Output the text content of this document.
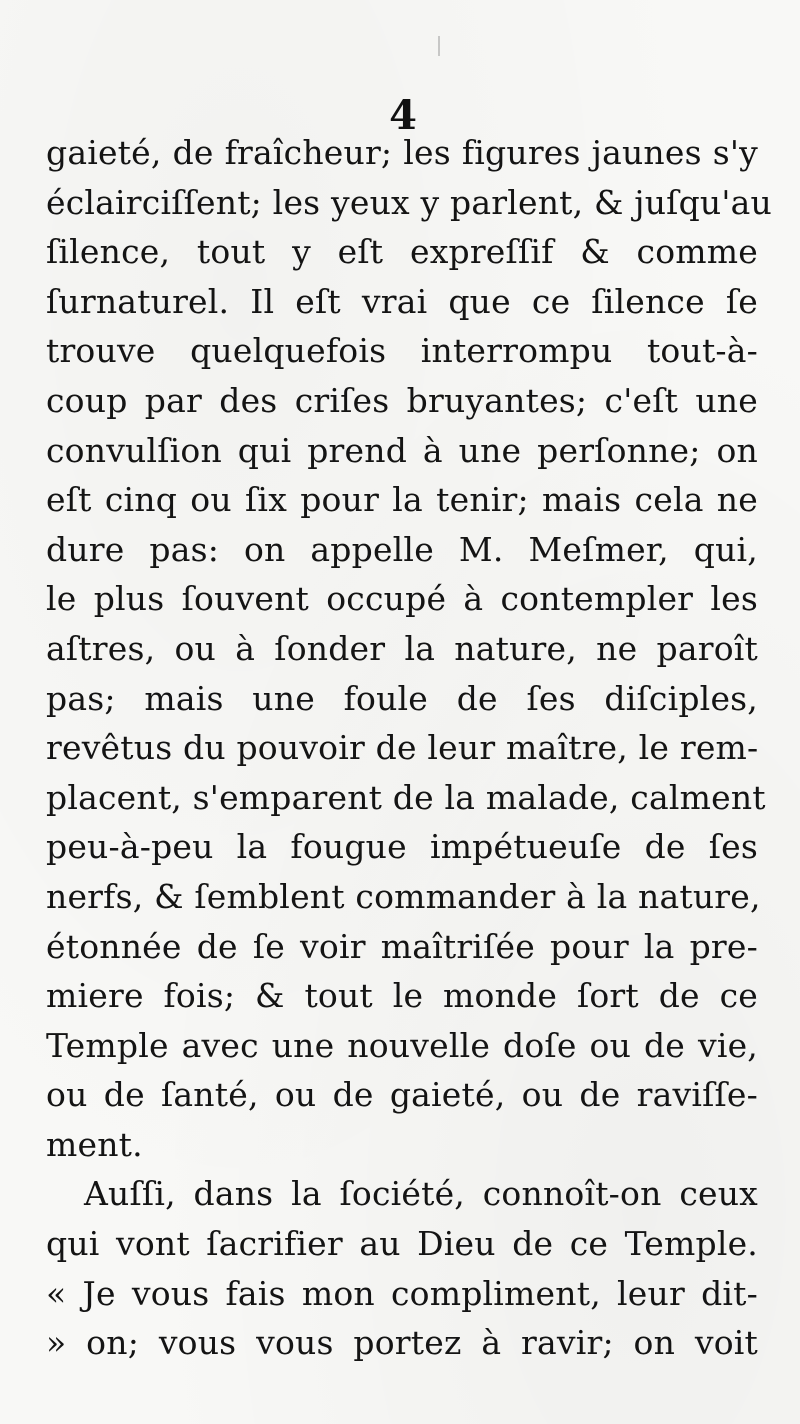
4
gaieté, de fraîcheur; les figures jaunes s'y
éclairciſſent; les yeux y parlent, & juſqu'au
ſilence, tout y eſt expreſſif & comme
ſurnaturel. Il eſt vrai que ce ſilence ſe
trouve quelquefois interrompu tout-à-
coup par des criſes bruyantes; c'eſt une
convulſion qui prend à une perſonne; on
eſt cinq ou ſix pour la tenir; mais cela ne
dure pas: on appelle M. Meſmer, qui,
le plus ſouvent occupé à contempler les
aſtres, ou à ſonder la nature, ne paroît
pas; mais une foule de ſes diſciples,
revêtus du pouvoir de leur maître, le rem-
placent, s'emparent de la malade, calment
peu-à-peu la fougue impétueuſe de ſes
nerfs, & ſemblent commander à la nature,
étonnée de ſe voir maîtriſée pour la pre-
miere fois; & tout le monde ſort de ce
Temple avec une nouvelle doſe ou de vie,
ou de ſanté, ou de gaieté, ou de raviſſe-
ment.
Auſſi, dans la ſociété, connoît-on ceux
qui vont ſacrifier au Dieu de ce Temple.
« Je vous fais mon compliment, leur dit-
» on; vous vous portez à ravir; on voit
